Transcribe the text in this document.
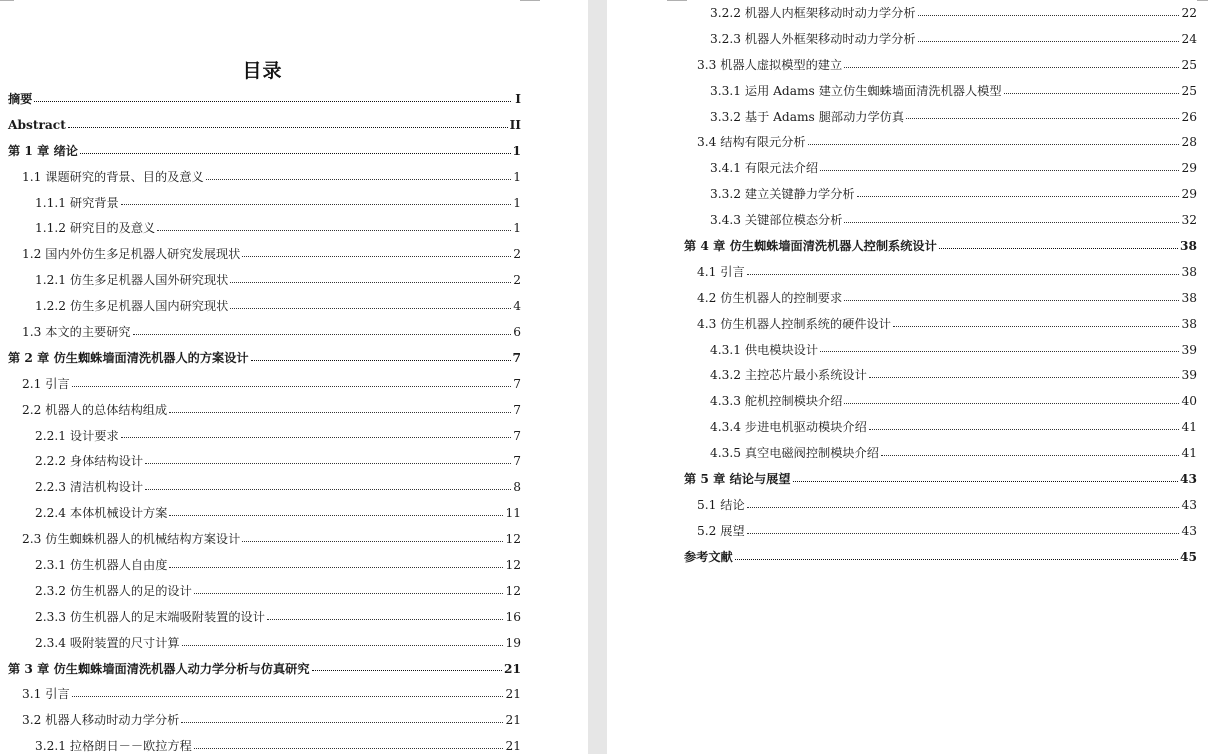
目录
摘要	I
Abstract	II
第 1 章 绪论	1
1.1 课题研究的背景、目的及意义	1
1.1.1 研究背景	1
1.1.2 研究目的及意义	1
1.2 国内外仿生多足机器人研究发展现状	2
1.2.1 仿生多足机器人国外研究现状	2
1.2.2 仿生多足机器人国内研究现状	4
1.3 本文的主要研究	6
第 2 章 仿生蜘蛛墙面清洗机器人的方案设计	7
2.1 引言	7
2.2 机器人的总体结构组成	7
2.2.1 设计要求	7
2.2.2 身体结构设计	7
2.2.3 清洁机构设计	8
2.2.4 本体机械设计方案	11
2.3 仿生蜘蛛机器人的机械结构方案设计	12
2.3.1 仿生机器人自由度	12
2.3.2 仿生机器人的足的设计	12
2.3.3 仿生机器人的足末端吸附装置的设计	16
2.3.4 吸附装置的尺寸计算	19
第 3 章 仿生蜘蛛墙面清洗机器人动力学分析与仿真研究	21
3.1 引言	21
3.2 机器人移动时动力学分析	21
3.2.1 拉格朗日－－欧拉方程	21
3.2.2 机器人内框架移动时动力学分析	22
3.2.3 机器人外框架移动时动力学分析	24
3.3 机器人虚拟模型的建立	25
3.3.1 运用 Adams 建立仿生蜘蛛墙面清洗机器人模型	25
3.3.2 基于 Adams 腿部动力学仿真	26
3.4 结构有限元分析	28
3.4.1 有限元法介绍	29
3.3.2 建立关键静力学分析	29
3.4.3 关键部位模态分析	32
第 4 章 仿生蜘蛛墙面清洗机器人控制系统设计	38
4.1 引言	38
4.2 仿生机器人的控制要求	38
4.3 仿生机器人控制系统的硬件设计	38
4.3.1 供电模块设计	39
4.3.2 主控芯片最小系统设计	39
4.3.3 舵机控制模块介绍	40
4.3.4 步进电机驱动模块介绍	41
4.3.5 真空电磁阀控制模块介绍	41
第 5 章 结论与展望	43
5.1 结论	43
5.2 展望	43
参考文献	45
